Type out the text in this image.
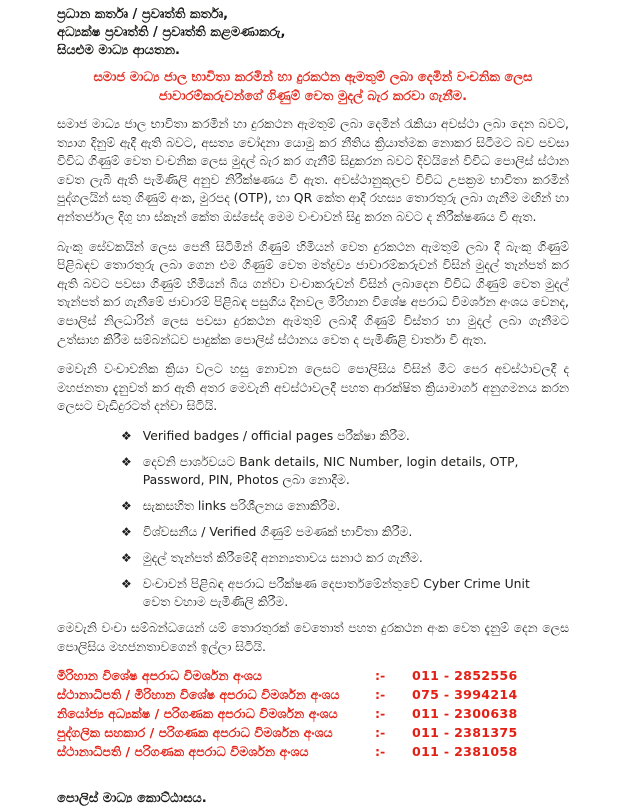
ප්‍රධාන කර්තෘ / ප්‍රවෘත්ති කර්තෘ,
අධ්‍යක්ෂ ප්‍රවෘත්ති / ප්‍රවෘත්ති කළමණාකරු,
සියළුම මාධ්‍ය ආයතන.
සමාජ මාධ්‍ය ජාල භාවිතා කරමින් හා දුරකථන ඇමතුම් ලබා දෙමින් වංචනික ලෙස ජාවාරම්කරුවන්ගේ ගිණුම් වෙත මුදල් බැර කරවා ගැනීම.

සමාජ මාධ්‍ය ජාල භාවිතා කරමින් හා දුරකථන ඇමතුම් ලබා දෙමින් රැකියා අවස්ථා ලබා දෙන බවට, ත්‍යාග දිනුම් ඇදී ඇති බවට, අසත්‍ය චෝදනා යොමු කර නීතිය ක්‍රියාත්මක නොකර සිටීමට බව පවසා විවිධ ගිණුම් වෙත වංචනික ලෙස මුදල් බැර කර ගැනීම් සිදුකරන බවට දිවයිනේ විවිධ පොලිස් ස්ථාන වෙත ලැබී ඇති පැමිණිලි අනුව නිරීක්ෂණය වී ඇත. අවස්ථානුකූලව විවිධ උපක්‍රම භාවිතා කරමින් පුද්ගලයින් සතු ගිණුම් අංක, මුරපද (OTP), හා QR කේත ආදී රහස්‍ය තොරතුරු ලබා ගැනීම මඟින් හා අන්තර්ජාල දිගු හා ස්කෑන් කේත ඔස්සේද මෙම වංචාවන් සිදු කරන බවට ද නිරීක්ෂණය වී ඇත.

බැංකු සේවකයින් ලෙස පෙනී සිටිමින් ගිණුම් හිමියන් වෙත දුරකථන ඇමතුම් ලබා දී බැංකු ගිණුම් පිළිබඳව තොරතුරු ලබා ගෙන එම ගිණුම් වෙත මත්ද්‍රව්‍ය ජාවාරම්කරුවන් විසින් මුදල් තැන්පත් කර ඇති බවට පවසා ගිණුම් හිමියන් බිය ගන්වා වංචාකරුවන් විසින් ලබාදෙන විවිධ ගිණුම් වෙත මුදල් තැන්පත් කර ගැනීමේ ජාවාරම් පිළිබඳ පසුගිය දිනවල මිරිහාන විශේෂ අපරාධ විමර්ශන අංශය වෙනද, පොලිස් නිලධාරින් ලෙස පවසා දුරකථන ඇමතුම් ලබාදී ගිණුම් විස්තර හා මුදල් ලබා ගැනීමට උත්සාහ කිරීම සම්බන්ධව පාදුක්ක පොලිස් ස්ථානය වෙත ද පැමිණිළි වාර්තා වී ඇත.

මෙවැනි වංචාවනික ක්‍රියා වලට හසු නොවන ලෙසට පොලිසිය විසින් මීට පෙර අවස්ථාවලදී ද මහජනතා දැනුවත් කර ඇති අතර මෙවැනි අවස්ථාවලදී පහත ආරක්ෂිත ක්‍රියාමාර්ග අනුගමනය කරන ලෙසට වැඩිදුරටත් දන්වා සිටියි.

❖ Verified badges / official pages පරීක්ෂා කිරීම.
❖ දෙවනි පාර්ශවයට Bank details, NIC Number, login details, OTP, Password, PIN, Photos ලබා නොදීම.
❖ සැකසහිත links පරිශීලනය නොකිරීම.
❖ විශ්වසනීය / Verified ගිණුම් පමණක් භාවිතා කිරීම.
❖ මුදල් තැන්පත් කිරීමේදී අනන්‍යතාවය සනාථ කර ගැනීම.
❖ වංචාවන් පිළිබඳ අපරාධ පරීක්ෂණ දෙපාර්තමේන්තුවේ Cyber Crime Unit වෙත වහාම පැමිණිලි කිරීම.

මෙවැනි වංචා සම්බන්ධයෙන් යම් තොරතුරක් වෙතොත් පහත දුරකථන අංක වෙත දැනුම් දෙන ලෙස පොලිසිය මහජනතාවගෙන් ඉල්ලා සිටියි.

මිරිහාන විශේෂ අපරාධ විමර්ශන අංශය	:-	011 - 2852556
ස්ථානාධිපති / මිරිහාන විශේෂ අපරාධ විමර්ශන අංශය	:-	075 - 3994214
නියෝජ්‍ය අධ්‍යක්ෂ / පරිගණක අපරාධ විමර්ශන අංශය	:-	011 - 2300638
පුද්ගලික සහකාර / පරිගණක අපරාධ විමර්ශන අංශය	:-	011 - 2381375
ස්ථානාධිපති / පරිගණක අපරාධ විමර්ශන අංශය	:-	011 - 2381058
පොලිස් මාධ්‍ය කොට්ඨාසය.
